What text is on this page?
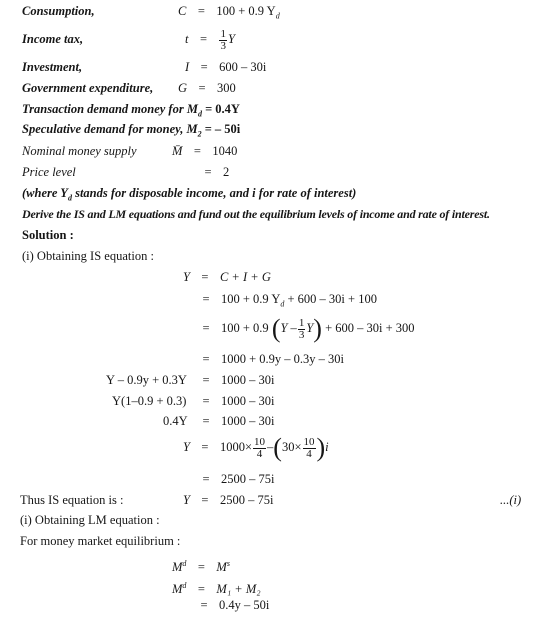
Consumption,	C = 100 + 0.9 $Y_d$
Income tax,	$t = \frac{1}{3}$ Y
Investment,	I = 600 – 30i
Government expenditure, G = 300
Transaction demand money for $M_d = 0.4Y$
Speculative demand for money, $M_2$ = – 50i
Nominal money supply	M̄ = 1040
Price level	= 2
(where $Y_d$ stands for disposable income, and i for rate of interest)
Derive the IS and LM equations and fund out the equilibrium levels of income and rate of interest.
Solution :
(i) Obtaining IS equation :
Y = C + I + G
= 100 + 0.9 $Y_d + 600 - 30i + 100$
= 100 + 0.9 $(Y - \frac{1}{3} Y) + 600 - 30i + 300$
= 1000 + 0.9y – 0.3y – 30i
Y – 0.9y + 0.3Y	= 1000 – 30i
Y(1–0.9 + 0.3)	= 1000 – 30i
0.4Y	= 1000 – 30i
$Y = 1000\times \frac{10}{4} -(30\times \frac{10}{4} )i$
= 2500 – 75i
Thus IS equation is :	Y = 2500 – 75i	...(i)
(i) Obtaining LM equation :
For money market equilibrium :
$M^d = M^s$
$M^d = M_1 + M_2$
= 0.4y – 50i
